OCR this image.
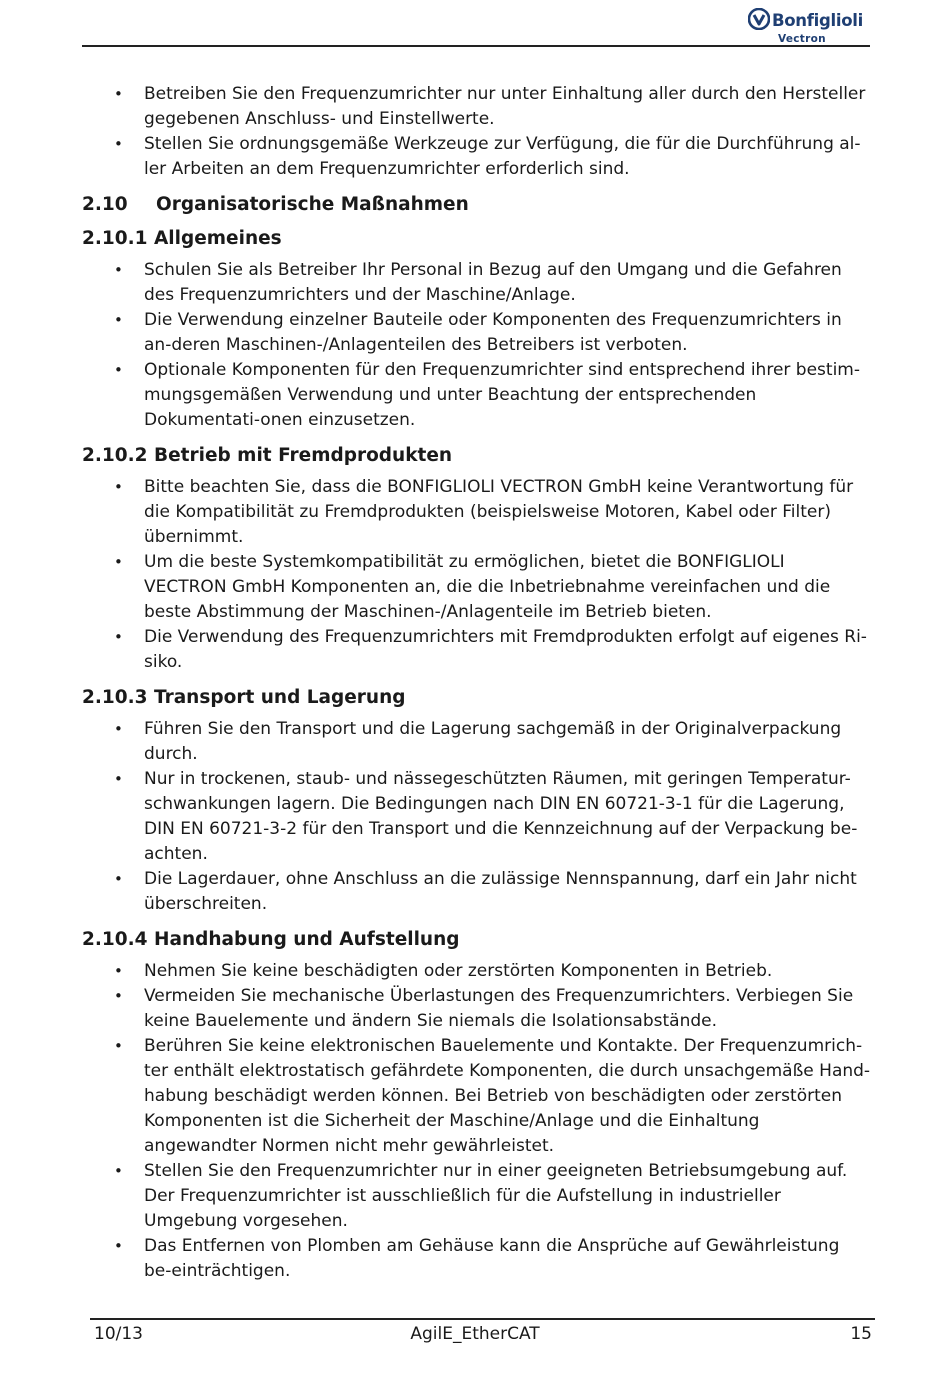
Bonfiglioli
Vectron
• Betreiben Sie den Frequenzumrichter nur unter Einhaltung aller durch den Hersteller gegebenen Anschluss- und Einstellwerte.
• Stellen Sie ordnungsgemäße Werkzeuge zur Verfügung, die für die Durchführung al-ler Arbeiten an dem Frequenzumrichter erforderlich sind.
2.10 Organisatorische Maßnahmen
2.10.1 Allgemeines
• Schulen Sie als Betreiber Ihr Personal in Bezug auf den Umgang und die Gefahren des Frequenzumrichters und der Maschine/Anlage.
• Die Verwendung einzelner Bauteile oder Komponenten des Frequenzumrichters in an-deren Maschinen-/Anlagenteilen des Betreibers ist verboten.
• Optionale Komponenten für den Frequenzumrichter sind entsprechend ihrer bestim-mungsgemäßen Verwendung und unter Beachtung der entsprechenden Dokumentati-onen einzusetzen.
2.10.2 Betrieb mit Fremdprodukten
• Bitte beachten Sie, dass die BONFIGLIOLI VECTRON GmbH keine Verantwortung für die Kompatibilität zu Fremdprodukten (beispielsweise Motoren, Kabel oder Filter) übernimmt.
• Um die beste Systemkompatibilität zu ermöglichen, bietet die BONFIGLIOLI VECTRON GmbH Komponenten an, die die Inbetriebnahme vereinfachen und die beste Abstimmung der Maschinen-/Anlagenteile im Betrieb bieten.
• Die Verwendung des Frequenzumrichters mit Fremdprodukten erfolgt auf eigenes Ri-siko.
2.10.3 Transport und Lagerung
• Führen Sie den Transport und die Lagerung sachgemäß in der Originalverpackung durch.
• Nur in trockenen, staub- und nässegeschützten Räumen, mit geringen Temperatur-schwankungen lagern. Die Bedingungen nach DIN EN 60721-3-1 für die Lagerung, DIN EN 60721-3-2 für den Transport und die Kennzeichnung auf der Verpackung be-achten.
• Die Lagerdauer, ohne Anschluss an die zulässige Nennspannung, darf ein Jahr nicht überschreiten.
2.10.4 Handhabung und Aufstellung
• Nehmen Sie keine beschädigten oder zerstörten Komponenten in Betrieb.
• Vermeiden Sie mechanische Überlastungen des Frequenzumrichters. Verbiegen Sie keine Bauelemente und ändern Sie niemals die Isolationsabstände.
• Berühren Sie keine elektronischen Bauelemente und Kontakte. Der Frequenzumrich-ter enthält elektrostatisch gefährdete Komponenten, die durch unsachgemäße Hand-habung beschädigt werden können. Bei Betrieb von beschädigten oder zerstörten Komponenten ist die Sicherheit der Maschine/Anlage und die Einhaltung angewandter Normen nicht mehr gewährleistet.
• Stellen Sie den Frequenzumrichter nur in einer geeigneten Betriebsumgebung auf. Der Frequenzumrichter ist ausschließlich für die Aufstellung in industrieller Umgebung vorgesehen.
• Das Entfernen von Plomben am Gehäuse kann die Ansprüche auf Gewährleistung be-einträchtigen.
10/13	AgilE_EtherCAT	15
